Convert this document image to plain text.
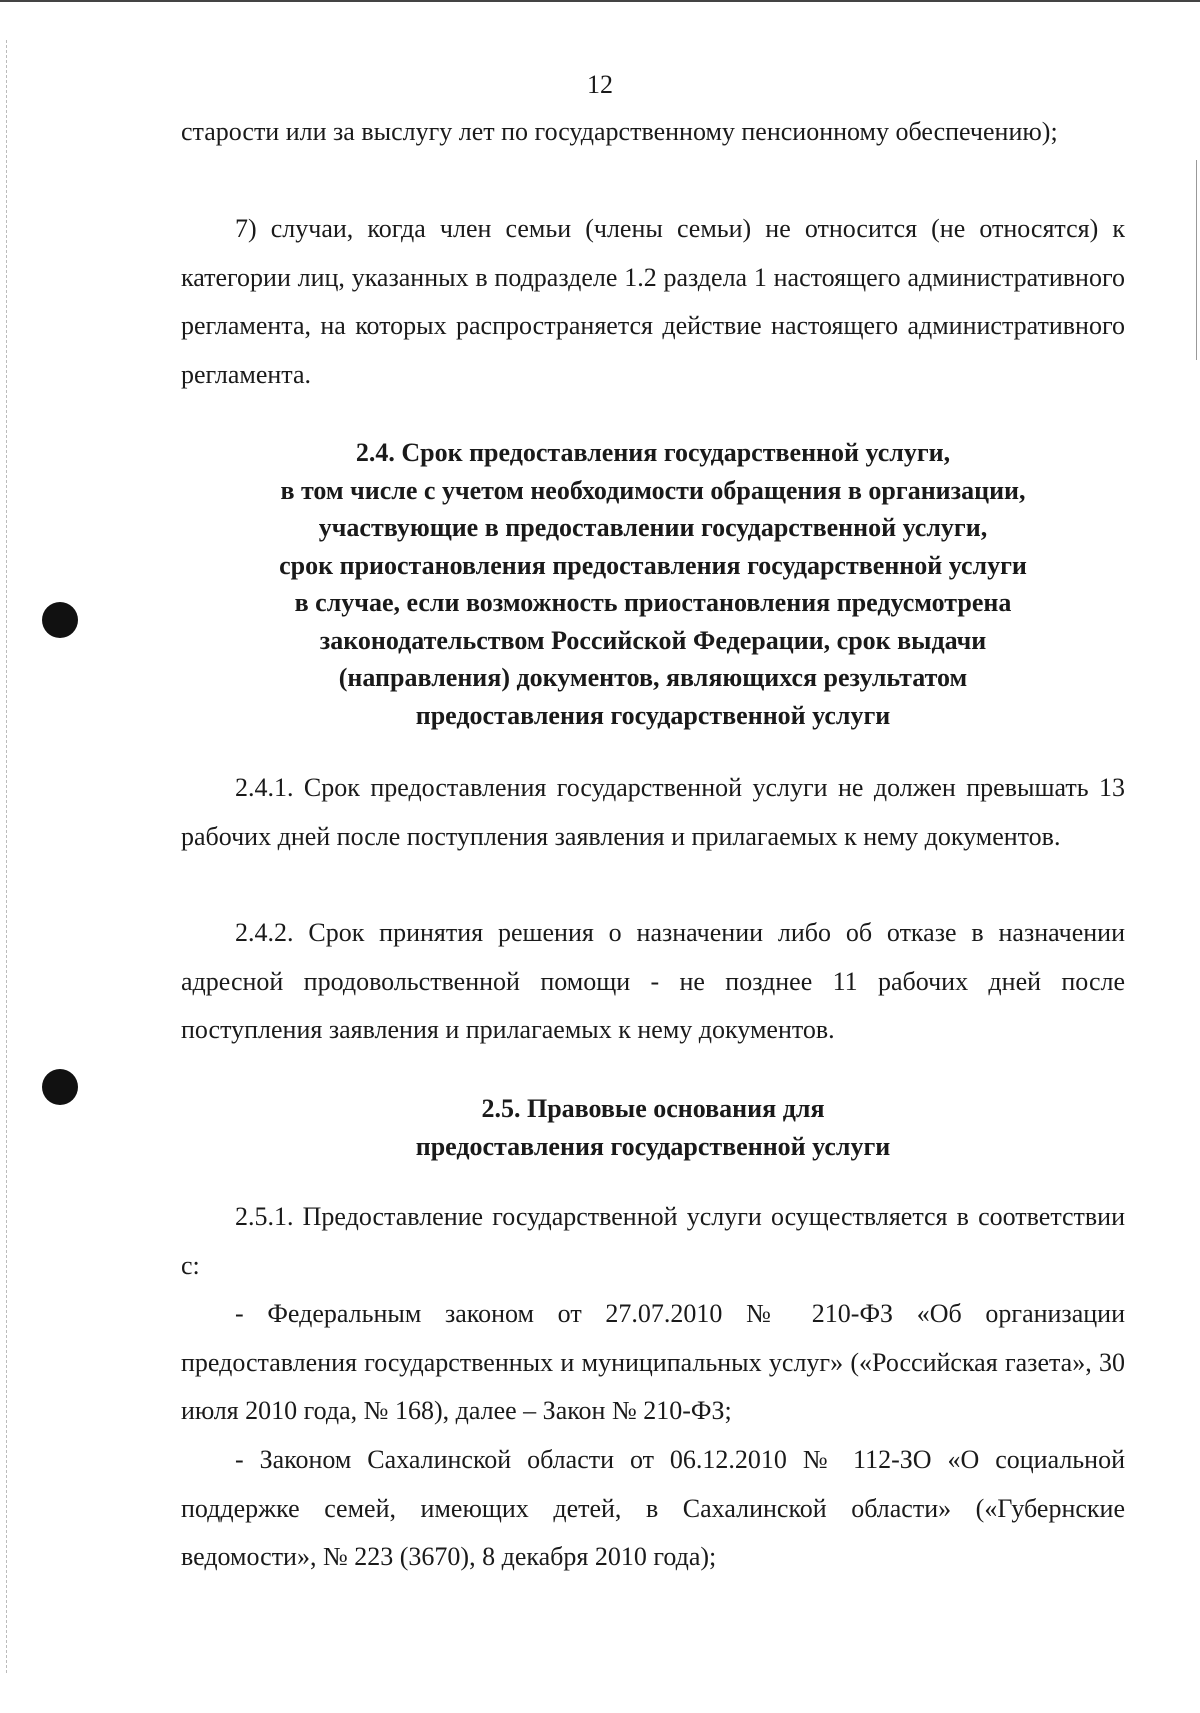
12

старости или за выслугу лет по государственному пенсионному обеспечению);

7) случаи, когда член семьи (члены семьи) не относится (не относятся) к категории лиц, указанных в подразделе 1.2 раздела 1 настоящего административного регламента, на которых распространяется действие настоящего административного регламента.

2.4. Срок предоставления государственной услуги,
в том числе с учетом необходимости обращения в организации,
участвующие в предоставлении государственной услуги,
срок приостановления предоставления государственной услуги
в случае, если возможность приостановления предусмотрена
законодательством Российской Федерации, срок выдачи
(направления) документов, являющихся результатом
предоставления государственной услуги

2.4.1. Срок предоставления государственной услуги не должен превышать 13 рабочих дней после поступления заявления и прилагаемых к нему документов.

2.4.2. Срок принятия решения о назначении либо об отказе в назначении адресной продовольственной помощи - не позднее 11 рабочих дней после поступления заявления и прилагаемых к нему документов.

2.5. Правовые основания для
предоставления государственной услуги

2.5.1. Предоставление государственной услуги осуществляется в соответствии с:

- Федеральным законом от 27.07.2010 № 210-ФЗ «Об организации предоставления государственных и муниципальных услуг» («Российская газета», 30 июля 2010 года, № 168), далее – Закон № 210-ФЗ;

- Законом Сахалинской области от 06.12.2010 № 112-ЗО «О социальной поддержке семей, имеющих детей, в Сахалинской области» («Губернские ведомости», № 223 (3670), 8 декабря 2010 года);
